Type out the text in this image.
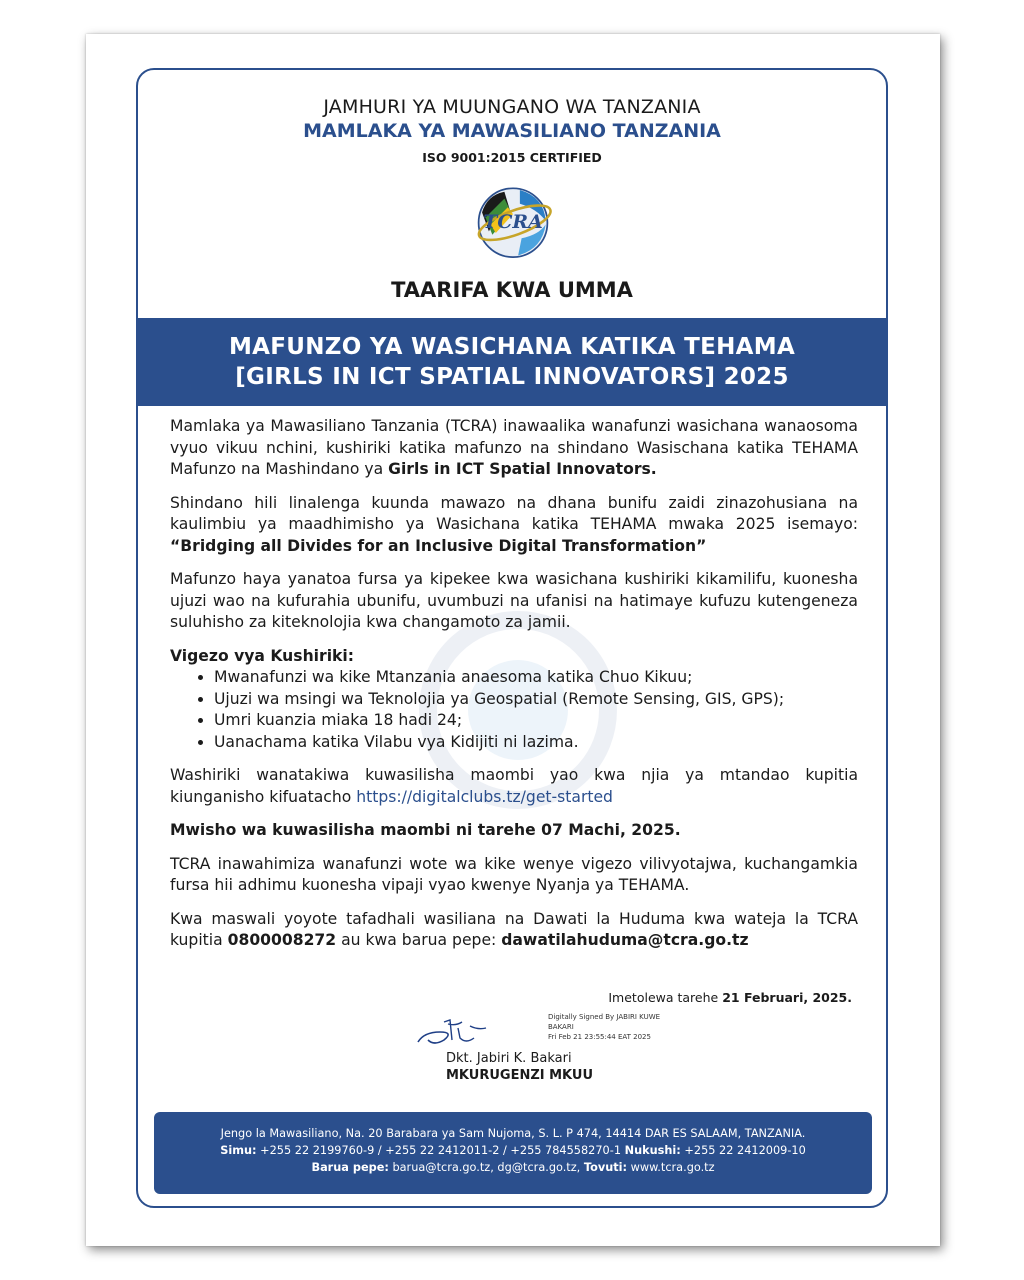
JAMHURI YA MUUNGANO WA TANZANIA
MAMLAKA YA MAWASILIANO TANZANIA
ISO 9001:2015 CERTIFIED
TCRA
TAARIFA KWA UMMA
MAFUNZO YA WASICHANA KATIKA TEHAMA [GIRLS IN ICT SPATIAL INNOVATORS] 2025

Mamlaka ya Mawasiliano Tanzania (TCRA) inawaalika wanafunzi wasichana wanaosoma vyuo vikuu nchini, kushiriki katika mafunzo na shindano Wasischana katika TEHAMA Mafunzo na Mashindano ya Girls in ICT Spatial Innovators.

Shindano hili linalenga kuunda mawazo na dhana bunifu zaidi zinazohusiana na kaulimbiu ya maadhimisho ya Wasichana katika TEHAMA mwaka 2025 isemayo: “Bridging all Divides for an Inclusive Digital Transformation”

Mafunzo haya yanatoa fursa ya kipekee kwa wasichana kushiriki kikamilifu, kuonesha ujuzi wao na kufurahia ubunifu, uvumbuzi na ufanisi na hatimaye kufuzu kutengeneza suluhisho za kiteknolojia kwa changamoto za jamii.

Vigezo vya Kushiriki:
• Mwanafunzi wa kike Mtanzania anaesoma katika Chuo Kikuu;
• Ujuzi wa msingi wa Teknolojia ya Geospatial (Remote Sensing, GIS, GPS);
• Umri kuanzia miaka 18 hadi 24;
• Uanachama katika Vilabu vya Kidijiti ni lazima.

Washiriki wanatakiwa kuwasilisha maombi yao kwa njia ya mtandao kupitia kiunganisho kifuatacho https://digitalclubs.tz/get-started

Mwisho wa kuwasilisha maombi ni tarehe 07 Machi, 2025.

TCRA inawahimiza wanafunzi wote wa kike wenye vigezo vilivyotajwa, kuchangamkia fursa hii adhimu kuonesha vipaji vyao kwenye Nyanja ya TEHAMA.

Kwa maswali yoyote tafadhali wasiliana na Dawati la Huduma kwa wateja la TCRA kupitia 0800008272 au kwa barua pepe: dawatilahuduma@tcra.go.tz

Imetolewa tarehe 21 Februari, 2025.
Digitally Signed By JABIRI KUWE
BAKARI
Fri Feb 21 23:55:44 EAT 2025
Dkt. Jabiri K. Bakari
MKURUGENZI MKUU
Jengo la Mawasiliano, Na. 20 Barabara ya Sam Nujoma, S. L. P 474, 14414 DAR ES SALAAM, TANZANIA.
Simu: +255 22 2199760-9 / +255 22 2412011-2 / +255 784558270-1 Nukushi: +255 22 2412009-10
Barua pepe: barua@tcra.go.tz, dg@tcra.go.tz, Tovuti: www.tcra.go.tz
